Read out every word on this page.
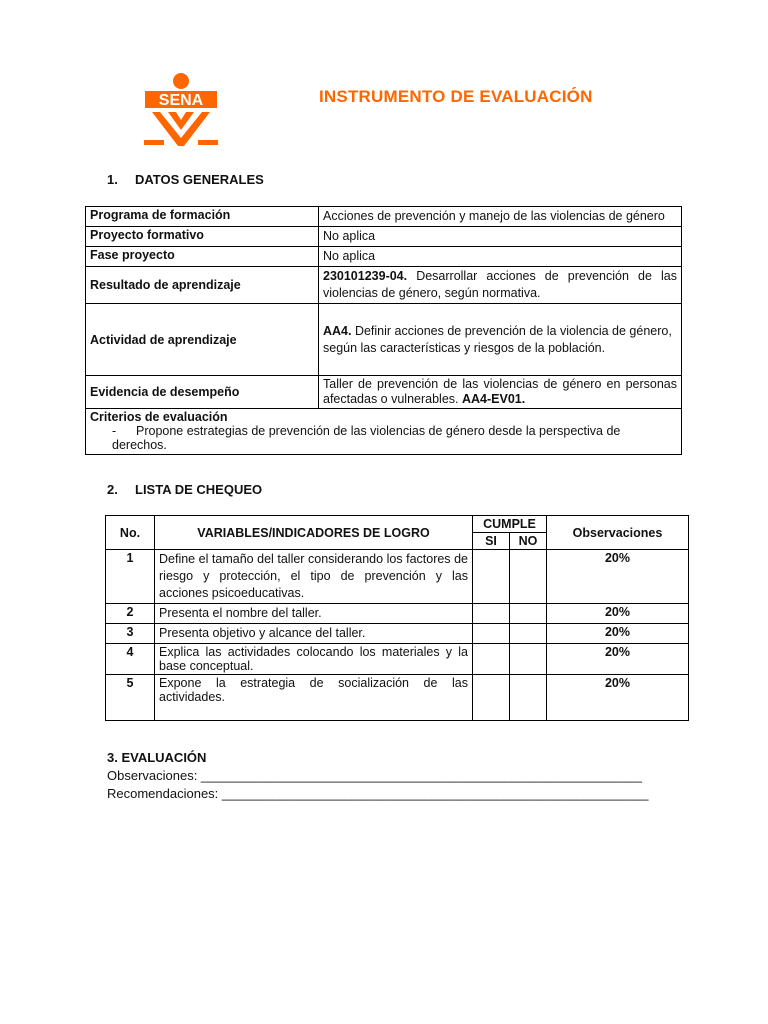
SENA	INSTRUMENTO DE EVALUACIÓN
1. DATOS GENERALES
Programa de formación	Acciones de prevención y manejo de las violencias de género
Proyecto formativo	No aplica
Fase proyecto	No aplica
Resultado de aprendizaje	230101239-04. Desarrollar acciones de prevención de las violencias de género, según normativa.
Actividad de aprendizaje	AA4. Definir acciones de prevención de la violencia de género, según las características y riesgos de la población.
Evidencia de desempeño	Taller de prevención de las violencias de género en personas afectadas o vulnerables. AA4-EV01.

Criterios de evaluación
- Propone estrategias de prevención de las violencias de género desde la perspectiva de derechos.	
2. LISTA DE CHEQUEO
No.	VARIABLES/INDICADORES DE LOGRO	CUMPLE		Observaciones
		SI	NO	
1	Define el tamaño del taller considerando los factores de riesgo y protección, el tipo de prevención y las acciones psicoeducativas.			20%
2	Presenta el nombre del taller.			20%
3	Presenta objetivo y alcance del taller.			20%
4	Explica las actividades colocando los materiales y la base conceptual.			20%
5	Expone la estrategia de socialización de las actividades.			20%
3. EVALUACIÓN
Observaciones: _____________________________________________________________
Recomendaciones: ___________________________________________________________
